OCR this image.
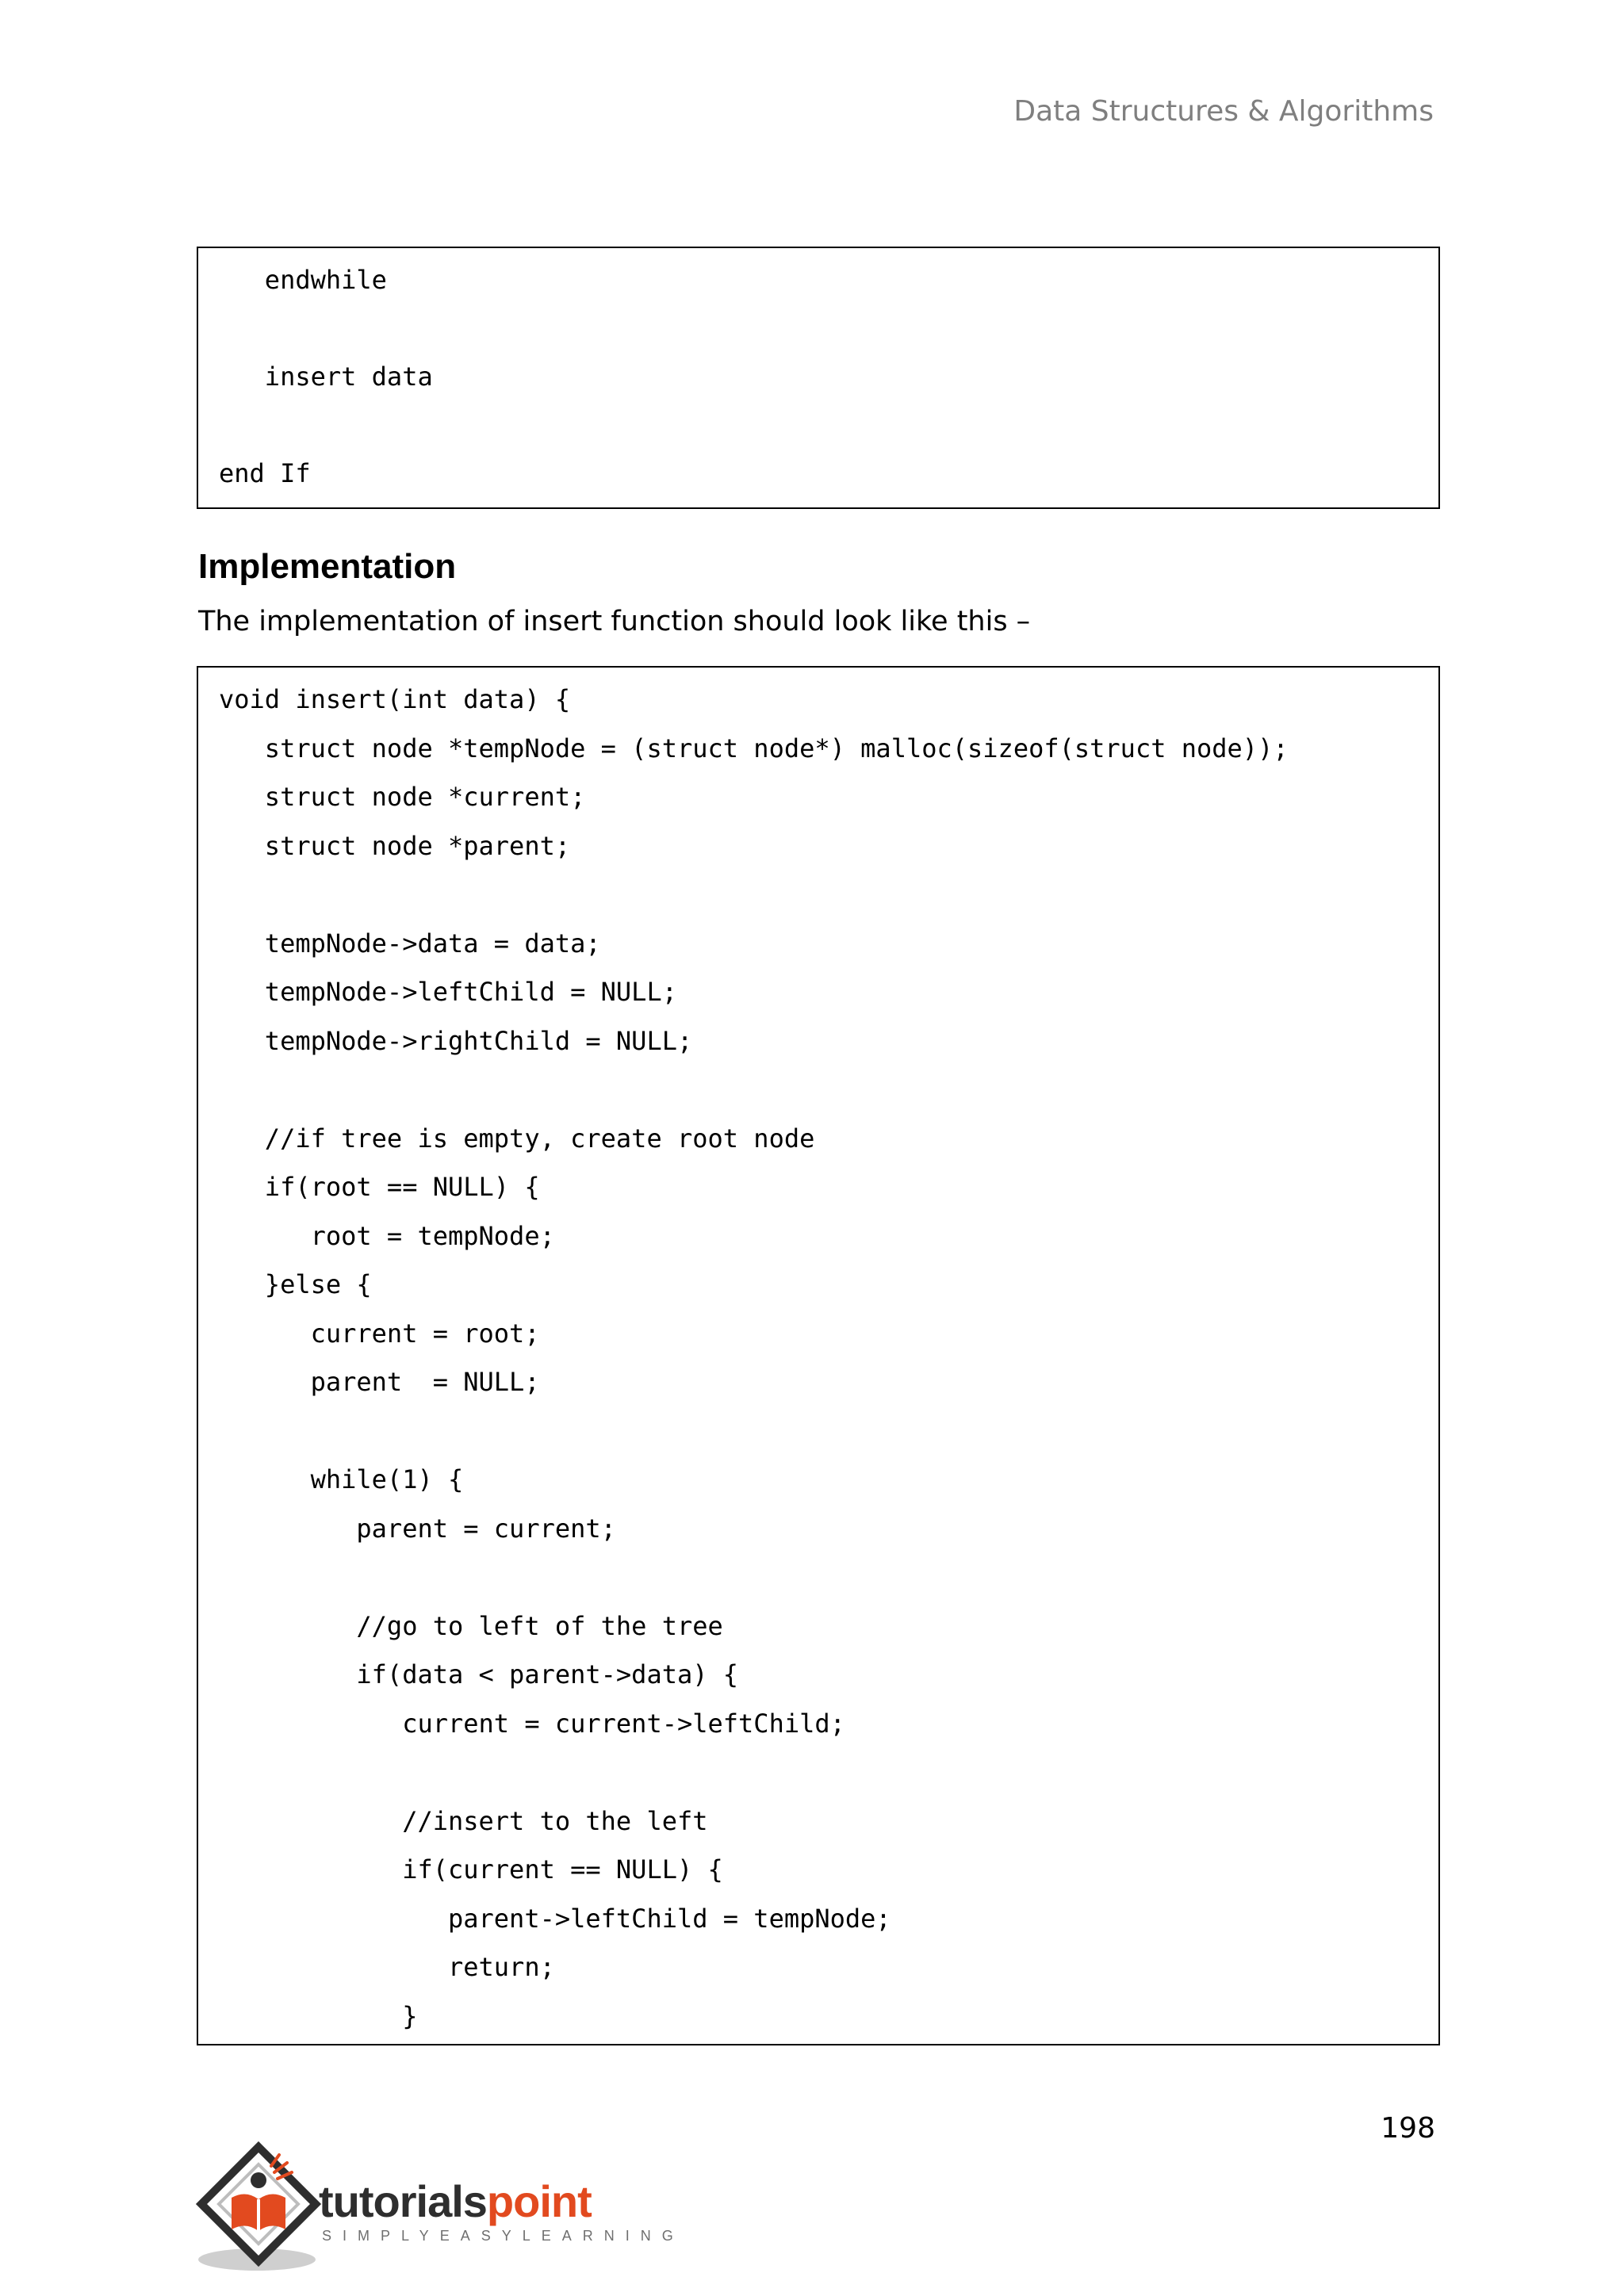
Data Structures & Algorithms
endwhile
insert data
end If
Implementation
The implementation of insert function should look like this –
void insert(int data) {
struct node *tempNode = (struct node*) malloc(sizeof(struct node));
struct node *current;
struct node *parent;
tempNode->data = data;
tempNode->leftChild = NULL;
tempNode->rightChild = NULL;
//if tree is empty, create root node
if(root == NULL) {
root = tempNode;
}else {
current = root;
parent  = NULL;
while(1) {
parent = current;
//go to left of the tree
if(data < parent->data) {
current = current->leftChild;
//insert to the left
if(current == NULL) {
parent->leftChild = tempNode;
return;
}
198
tutorialspoint
SIMPLYEASYLEARNING
